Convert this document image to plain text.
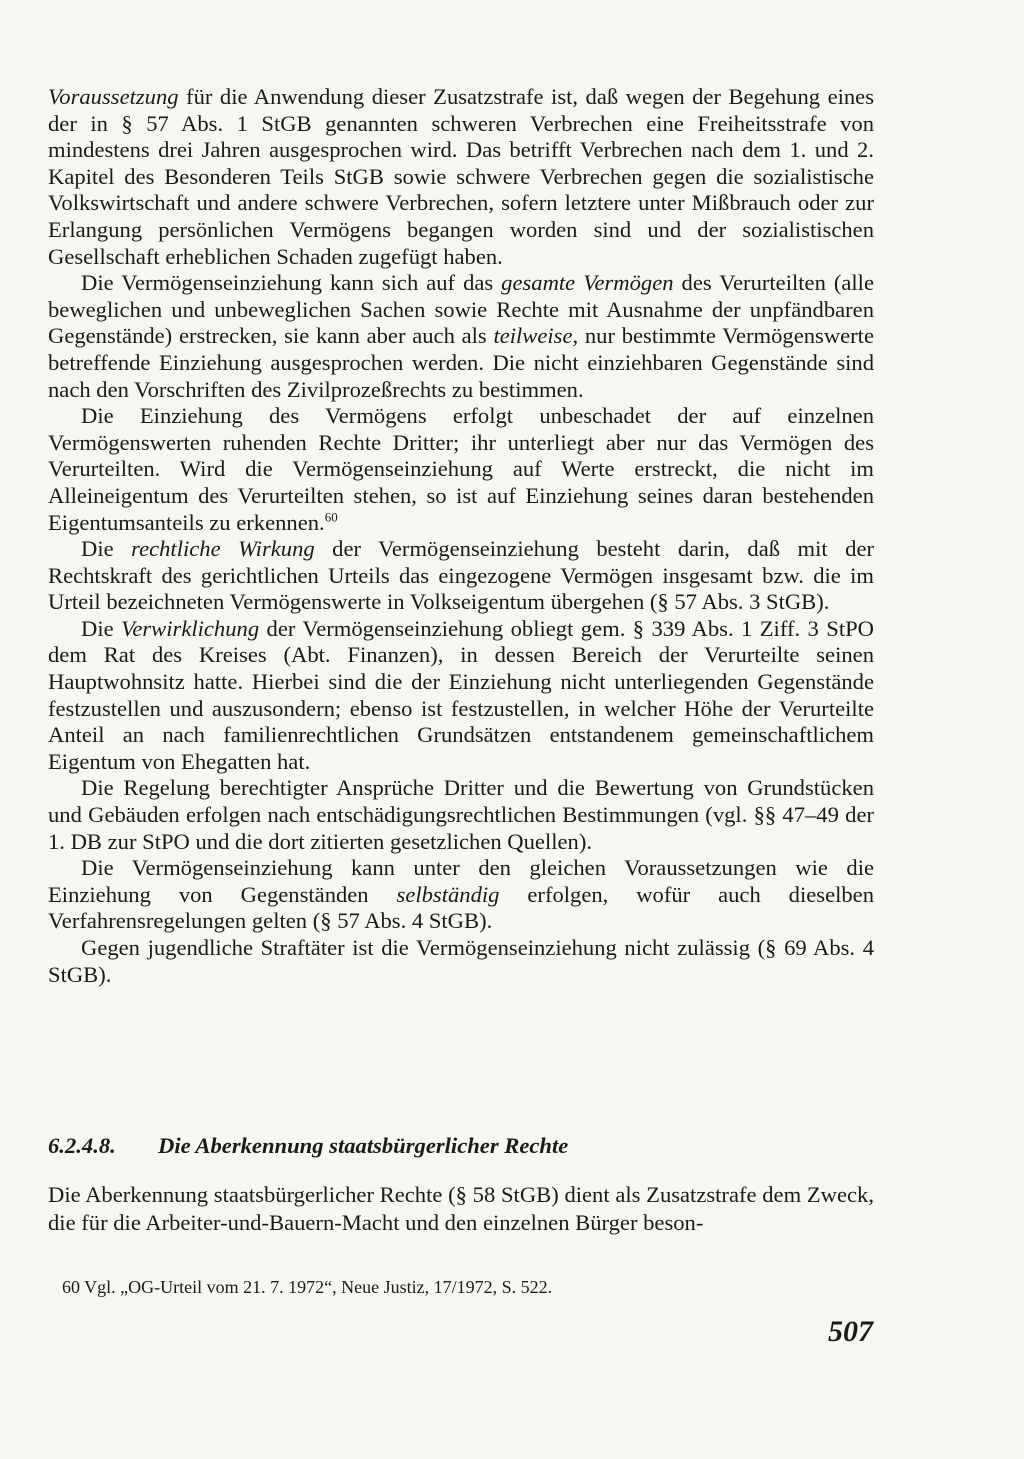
Voraussetzung für die Anwendung dieser Zusatzstrafe ist, daß wegen der Begehung eines der in § 57 Abs. 1 StGB genannten schweren Verbrechen eine Freiheitsstrafe von mindestens drei Jahren ausgesprochen wird. Das betrifft Verbrechen nach dem 1. und 2. Kapitel des Besonderen Teils StGB sowie schwere Verbrechen gegen die sozialistische Volkswirtschaft und andere schwere Verbrechen, sofern letztere unter Mißbrauch oder zur Erlangung persönlichen Vermögens begangen worden sind und der sozialistischen Gesellschaft erheblichen Schaden zugefügt haben.

Die Vermögenseinziehung kann sich auf das gesamte Vermögen des Verurteilten (alle beweglichen und unbeweglichen Sachen sowie Rechte mit Ausnahme der unpfändbaren Gegenstände) erstrecken, sie kann aber auch als teilweise, nur bestimmte Vermögenswerte betreffende Einziehung ausgesprochen werden. Die nicht einziehbaren Gegenstände sind nach den Vorschriften des Zivilprozeßrechts zu bestimmen.

Die Einziehung des Vermögens erfolgt unbeschadet der auf einzelnen Vermögenswerten ruhenden Rechte Dritter; ihr unterliegt aber nur das Vermögen des Verurteilten. Wird die Vermögenseinziehung auf Werte erstreckt, die nicht im Alleineigentum des Verurteilten stehen, so ist auf Einziehung seines daran bestehenden Eigentumsanteils zu erkennen.$^{60}$

Die rechtliche Wirkung der Vermögenseinziehung besteht darin, daß mit der Rechtskraft des gerichtlichen Urteils das eingezogene Vermögen insgesamt bzw. die im Urteil bezeichneten Vermögenswerte in Volkseigentum übergehen (§ 57 Abs. 3 StGB).

Die Verwirklichung der Vermögenseinziehung obliegt gem. § 339 Abs. 1 Ziff. 3 StPO dem Rat des Kreises (Abt. Finanzen), in dessen Bereich der Verurteilte seinen Hauptwohnsitz hatte. Hierbei sind die der Einziehung nicht unterliegenden Gegenstände festzustellen und auszusondern; ebenso ist festzustellen, in welcher Höhe der Verurteilte Anteil an nach familienrechtlichen Grundsätzen entstandenem gemeinschaftlichem Eigentum von Ehegatten hat.

Die Regelung berechtigter Ansprüche Dritter und die Bewertung von Grundstücken und Gebäuden erfolgen nach entschädigungsrechtlichen Bestimmungen (vgl. §§ 47–49 der 1. DB zur StPO und die dort zitierten gesetzlichen Quellen).

Die Vermögenseinziehung kann unter den gleichen Voraussetzungen wie die Einziehung von Gegenständen selbständig erfolgen, wofür auch dieselben Verfahrensregelungen gelten (§ 57 Abs. 4 StGB).

Gegen jugendliche Straftäter ist die Vermögenseinziehung nicht zulässig (§ 69 Abs. 4 StGB).

6.2.4.8. Die Aberkennung staatsbürgerlicher Rechte

Die Aberkennung staatsbürgerlicher Rechte (§ 58 StGB) dient als Zusatzstrafe dem Zweck, die für die Arbeiter-und-Bauern-Macht und den einzelnen Bürger beson-

60 Vgl. „OG-Urteil vom 21. 7. 1972“, Neue Justiz, 17/1972, S. 522.

507
